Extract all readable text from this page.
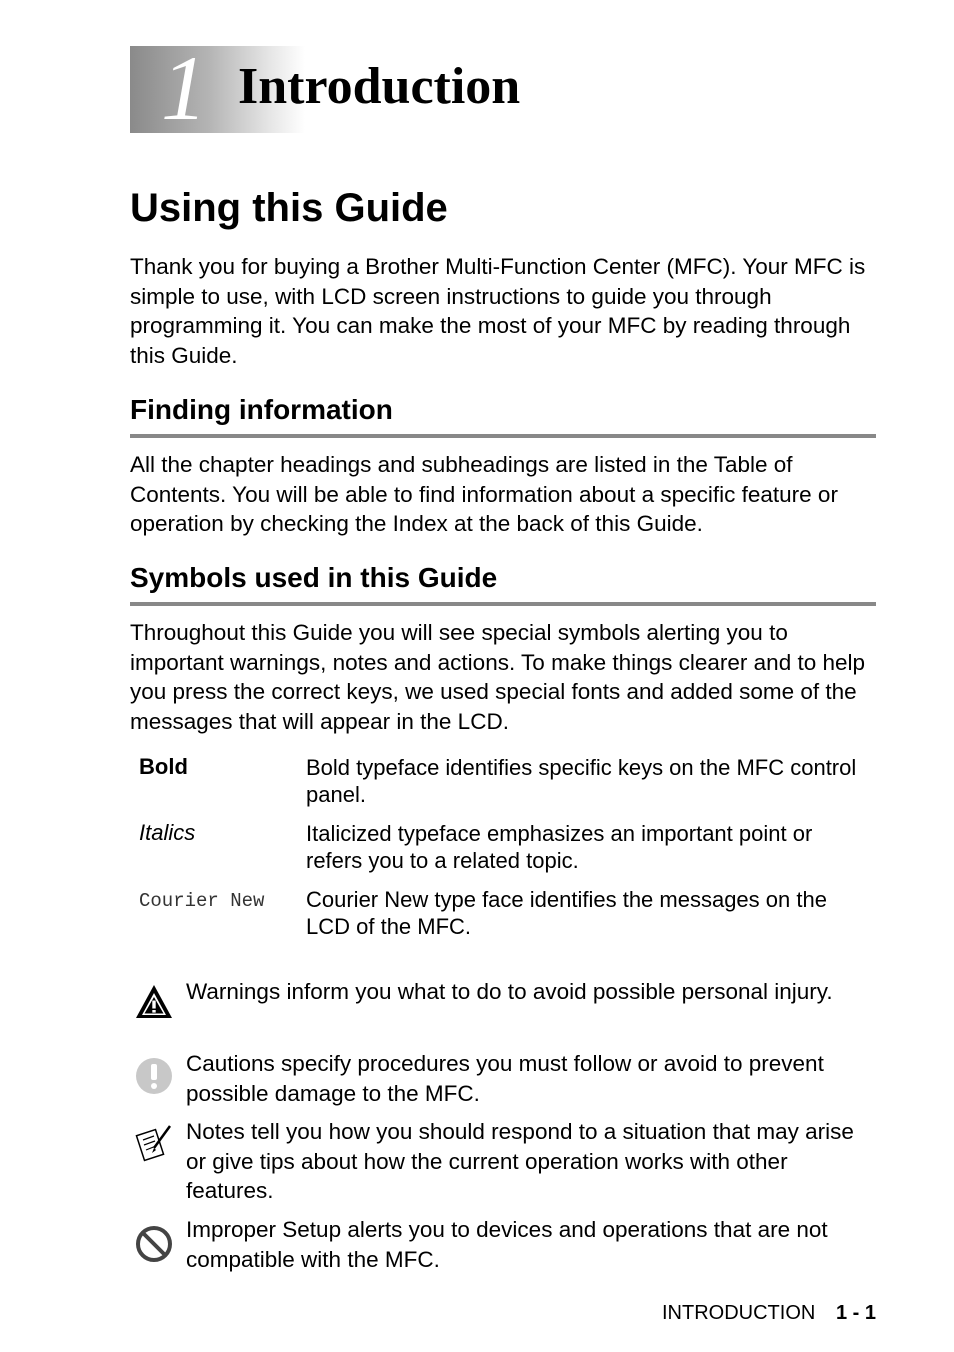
1 Introduction
Using this Guide

Thank you for buying a Brother Multi-Function Center (MFC). Your MFC is simple to use, with LCD screen instructions to guide you through programming it. You can make the most of your MFC by reading through this Guide.

Finding information

All the chapter headings and subheadings are listed in the Table of Contents. You will be able to find information about a specific feature or operation by checking the Index at the back of this Guide.

Symbols used in this Guide

Throughout this Guide you will see special symbols alerting you to important warnings, notes and actions. To make things clearer and to help you press the correct keys, we used special fonts and added some of the messages that will appear in the LCD.

Bold	Bold typeface identifies specific keys on the MFC control panel.

Italics	Italicized typeface emphasizes an important point or refers you to a related topic.

Courier New Courier New type face identifies the messages on the LCD of the MFC.

Warnings inform you what to do to avoid possible personal injury.

Cautions specify procedures you must follow or avoid to prevent possible damage to the MFC.

Notes tell you how you should respond to a situation that may arise or give tips about how the current operation works with other features.

Improper Setup alerts you to devices and operations that are not compatible with the MFC.

INTRODUCTION 1 - 1
